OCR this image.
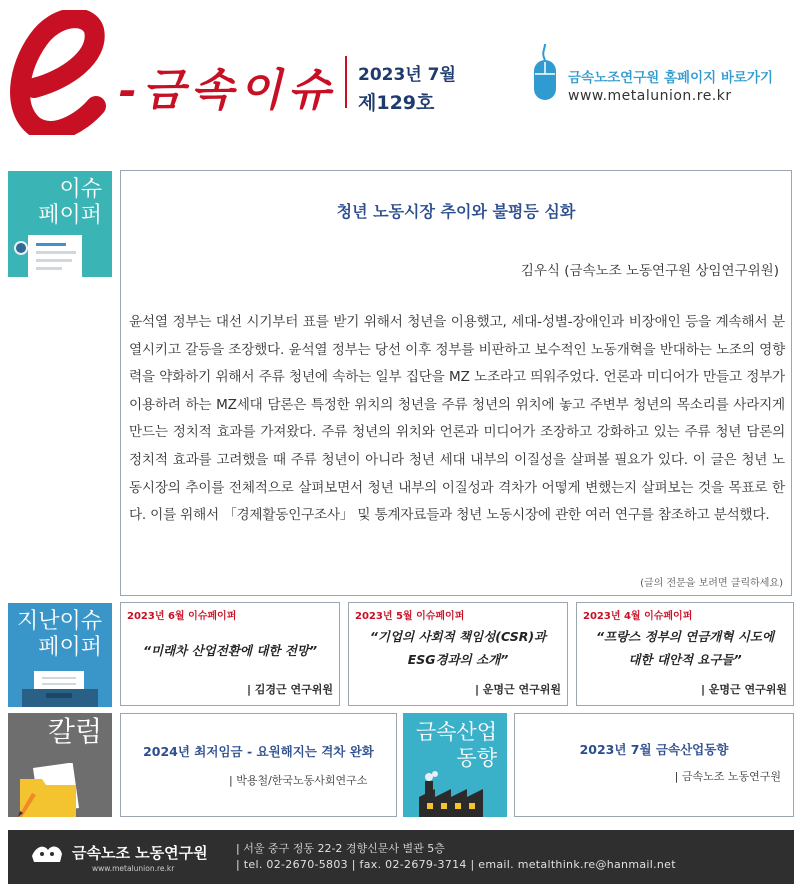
-금속이슈 2023년 7월
제129호
금속노조연구원 홈페이지 바로가기
www.metalunion.re.kr
이슈
페이퍼	청년 노동시장 추이와 불평등 심화
김우식 (금속노조 노동연구원 상임연구위원)
윤석열 정부는 대선 시기부터 표를 받기 위해서 청년을 이용했고, 세대-성별-장애인과 비장애인 등을 계속해서 분열시키고 갈등을 조장했다. 윤석열 정부는 당선 이후 정부를 비판하고 보수적인 노동개혁을 반대하는 노조의 영향력을 약화하기 위해서 주류 청년에 속하는 일부 집단을 MZ 노조라고 띄워주었다. 언론과 미디어가 만들고 정부가 이용하려 하는 MZ세대 담론은 특정한 위치의 청년을 주류 청년의 위치에 놓고 주변부 청년의 목소리를 사라지게 만드는 정치적 효과를 가져왔다. 주류 청년의 위치와 언론과 미디어가 조장하고 강화하고 있는 주류 청년 담론의 정치적 효과를 고려했을 때 주류 청년이 아니라 청년 세대 내부의 이질성을 살펴볼 필요가 있다. 이 글은 청년 노동시장의 추이를 전체적으로 살펴보면서 청년 내부의 이질성과 격차가 어떻게 변했는지 살펴보는 것을 목표로 한다. 이를 위해서 「경제활동인구조사」 및 통계자료들과 청년 노동시장에 관한 여러 연구를 참조하고 분석했다.
(글의 전문을 보려면 클릭하세요)
지난이슈
페이퍼
2023년 6월 이슈페이퍼
“미래차 산업전환에 대한 전망”
| 김경근 연구위원
2023년 5월 이슈페이퍼
“기업의 사회적 책임성(CSR)과
ESG경과의 소개”
| 운명근 연구위원
2023년 4월 이슈페이퍼
“프랑스 정부의 연금개혁 시도에
대한 대안적 요구들”
| 운명근 연구위원
칼럼
2024년 최저임금 - 요원해지는 격차 완화
| 박용철/한국노동사회연구소
금속산업
동향	2023년 7월 금속산업동향
| 금속노조 노동연구원
금속노조 노동연구원
www.metalunion.re.kr
| 서울 중구 정동 22-2 경향신문사 별관 5층
| tel. 02-2670-5803 | fax. 02-2679-3714 | email. metalthink.re@hanmail.net
